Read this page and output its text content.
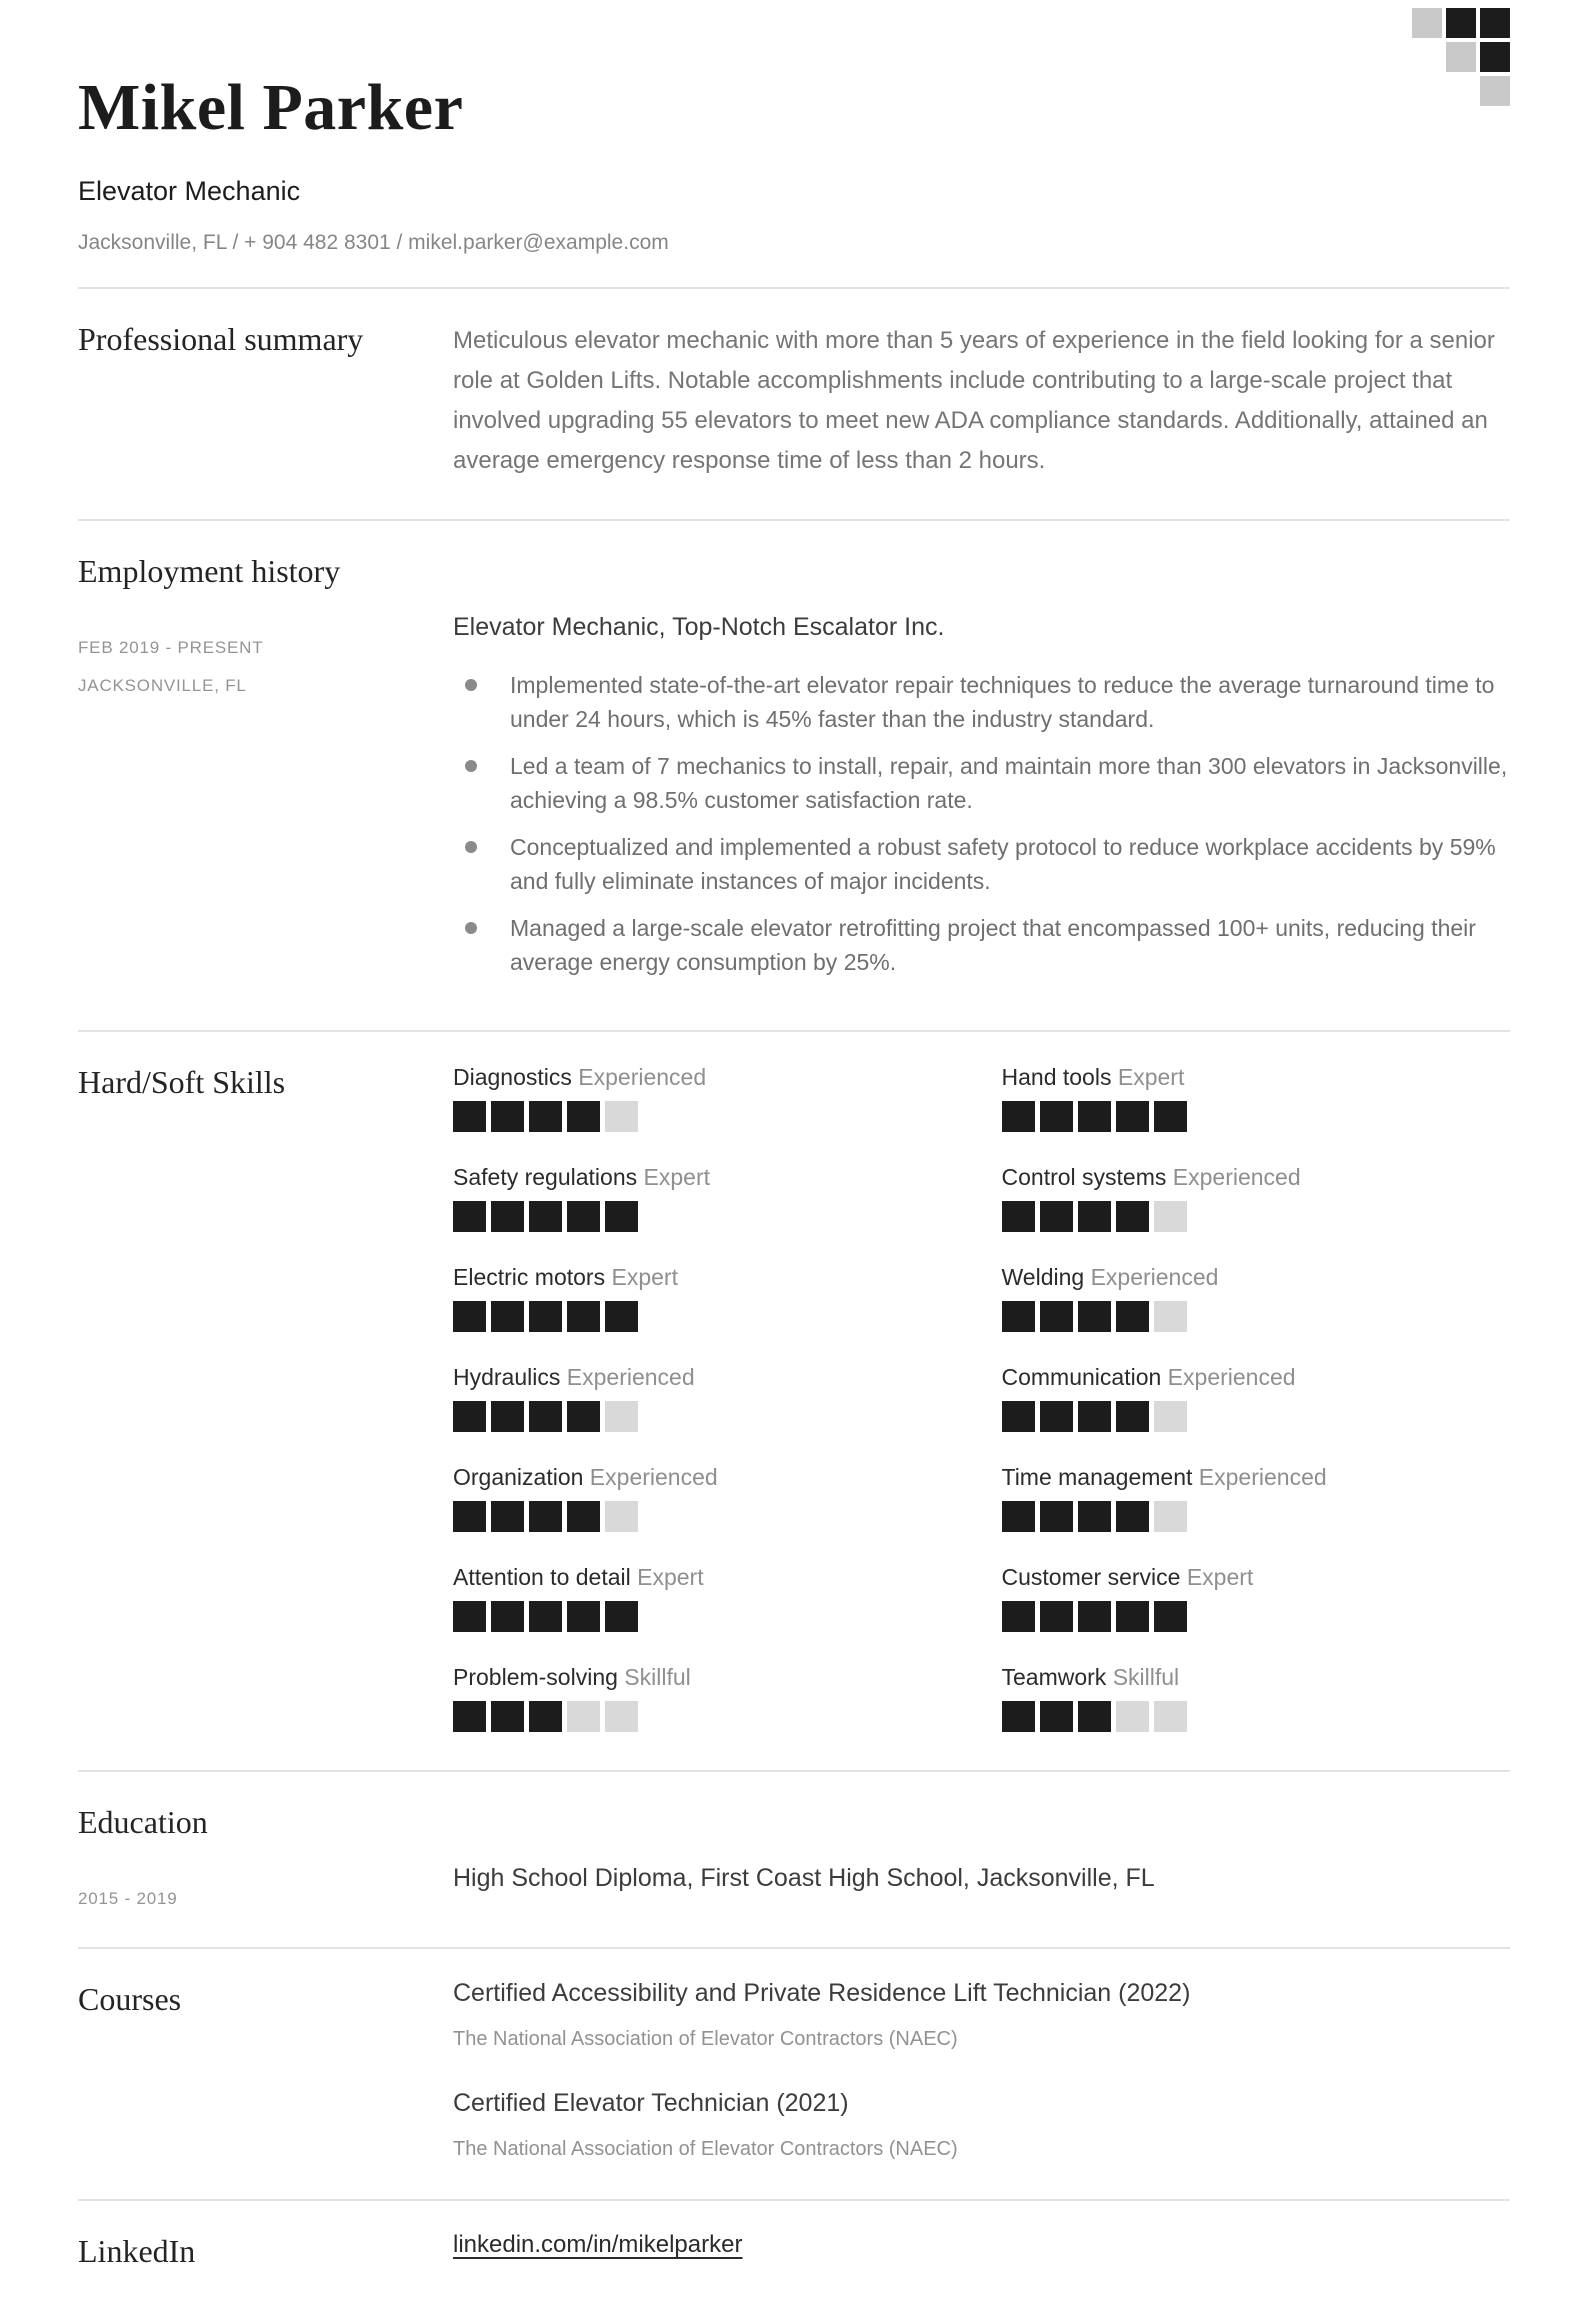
Mikel Parker
Elevator Mechanic
Jacksonville, FL / + 904 482 8301 / mikel.parker@example.com
Professional summary	Meticulous elevator mechanic with more than 5 years of experience in the field looking for a senior role at Golden Lifts. Notable accomplishments include contributing to a large-scale project that involved upgrading 55 elevators to meet new ADA compliance standards. Additionally, attained an average emergency response time of less than 2 hours.

Employment history
FEB 2019 - PRESENT
JACKSONVILLE, FL
Elevator Mechanic, Top-Notch Escalator Inc.
Implemented state-of-the-art elevator repair techniques to reduce the average turnaround time to under 24 hours, which is 45% faster than the industry standard.
Led a team of 7 mechanics to install, repair, and maintain more than 300 elevators in Jacksonville, achieving a 98.5% customer satisfaction rate.
Conceptualized and implemented a robust safety protocol to reduce workplace accidents by 59% and fully eliminate instances of major incidents.
Managed a large-scale elevator retrofitting project that encompassed 100+ units, reducing their average energy consumption by 25%.
Hard/Soft Skills	Diagnostics Experienced	Hand tools Expert
Safety regulations Expert	Control systems Experienced
Electric motors Expert	Welding Experienced
Hydraulics Experienced	Communication Experienced
Organization Experienced	Time management Experienced
Attention to detail Expert	Customer service Expert
Problem-solving Skillful	Teamwork Skillful
Education
2015 - 2019
High School Diploma, First Coast High School, Jacksonville, FL
Courses	Certified Accessibility and Private Residence Lift Technician (2022)
The National Association of Elevator Contractors (NAEC)
Certified Elevator Technician (2021)
The National Association of Elevator Contractors (NAEC)
LinkedIn	linkedin.com/in/mikelparker
